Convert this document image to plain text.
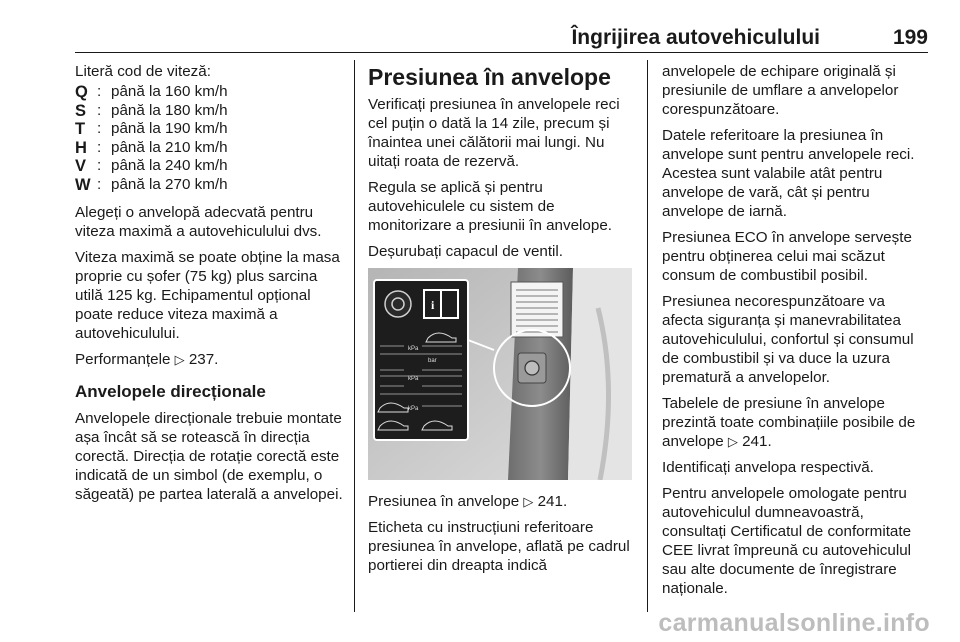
Îngrijirea autovehiculului	199

Literă cod de viteză:

Q : până la 160 km/h
S : până la 180 km/h
T : până la 190 km/h
H : până la 210 km/h
V : până la 240 km/h
W : până la 270 km/h

Alegeți o anvelopă adecvată pentru viteza maximă a autovehiculului dvs.

Viteza maximă se poate obține la masa proprie cu șofer (75 kg) plus sarcina utilă 125 kg. Echipamentul opțional poate reduce viteza maximă a autovehiculului.

Performanțele ▷ 237.

Anvelopele direcționale

Anvelopele direcționale trebuie montate așa încât să se rotească în direcția corectă. Direcția de rotație corectă este indicată de un simbol (de exemplu, o săgeată) pe partea laterală a anvelopei.

Presiunea în anvelope

Verificați presiunea în anvelopele reci cel puțin o dată la 14 zile, precum și înaintea unei călătorii mai lungi. Nu uitați roata de rezervă.

Regula se aplică și pentru autovehiculele cu sistem de monitorizare a presiunii în anvelope.

Deșurubați capacul de ventil.

i
kPa
kPa
kPa
bar

Presiunea în anvelope ▷ 241.

Eticheta cu instrucțiuni referitoare presiunea în anvelope, aflată pe cadrul portierei din dreapta indică

anvelopele de echipare originală și presiunile de umflare a anvelopelor corespunzătoare.

Datele referitoare la presiunea în anvelope sunt pentru anvelopele reci. Acestea sunt valabile atât pentru anvelope de vară, cât și pentru anvelope de iarnă.

Presiunea ECO în anvelope servește pentru obținerea celui mai scăzut consum de combustibil posibil.

Presiunea necorespunzătoare va afecta siguranța și manevrabilitatea autovehiculului, confortul și consumul de combustibil și va duce la uzura prematură a anvelopelor.

Tabelele de presiune în anvelope prezintă toate combinațiile posibile de anvelope ▷ 241.

Identificați anvelopa respectivă.

Pentru anvelopele omologate pentru autovehiculul dumneavoastră, consultați Certificatul de conformitate CEE livrat împreună cu autovehiculul sau alte documente de înregistrare naționale.

carmanualsonline.info
